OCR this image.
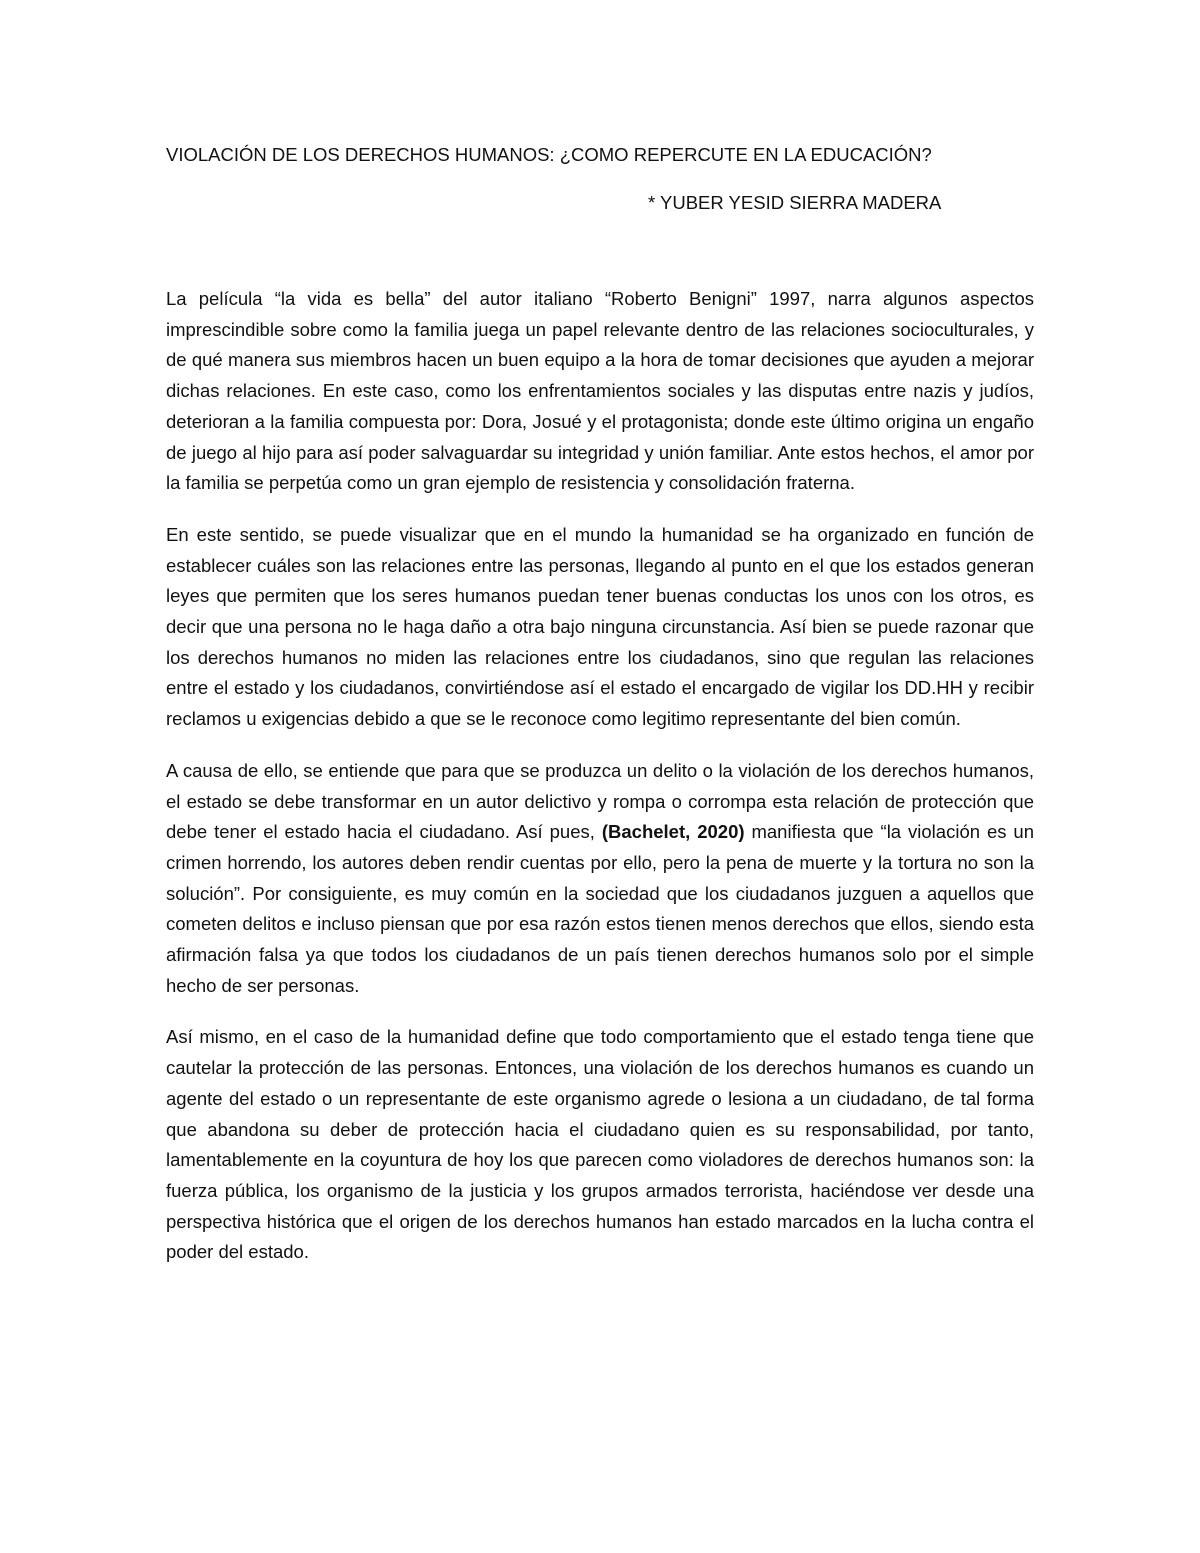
VIOLACIÓN DE LOS DERECHOS HUMANOS: ¿COMO REPERCUTE EN LA EDUCACIÓN?
* YUBER YESID SIERRA MADERA

La película “la vida es bella” del autor italiano “Roberto Benigni” 1997, narra algunos aspectos imprescindible sobre como la familia juega un papel relevante dentro de las relaciones socioculturales, y de qué manera sus miembros hacen un buen equipo a la hora de tomar decisiones que ayuden a mejorar dichas relaciones. En este caso, como los enfrentamientos sociales y las disputas entre nazis y judíos, deterioran a la familia compuesta por: Dora, Josué y el protagonista; donde este último origina un engaño de juego al hijo para así poder salvaguardar su integridad y unión familiar. Ante estos hechos, el amor por la familia se perpetúa como un gran ejemplo de resistencia y consolidación fraterna.

En este sentido, se puede visualizar que en el mundo la humanidad se ha organizado en función de establecer cuáles son las relaciones entre las personas, llegando al punto en el que los estados generan leyes que permiten que los seres humanos puedan tener buenas conductas los unos con los otros, es decir que una persona no le haga daño a otra bajo ninguna circunstancia. Así bien se puede razonar que los derechos humanos no miden las relaciones entre los ciudadanos, sino que regulan las relaciones entre el estado y los ciudadanos, convirtiéndose así el estado el encargado de vigilar los DD.HH y recibir reclamos u exigencias debido a que se le reconoce como legitimo representante del bien común.

A causa de ello, se entiende que para que se produzca un delito o la violación de los derechos humanos, el estado se debe transformar en un autor delictivo y rompa o corrompa esta relación de protección que debe tener el estado hacia el ciudadano. Así pues, (Bachelet, 2020) manifiesta que “la violación es un crimen horrendo, los autores deben rendir cuentas por ello, pero la pena de muerte y la tortura no son la solución”. Por consiguiente, es muy común en la sociedad que los ciudadanos juzguen a aquellos que cometen delitos e incluso piensan que por esa razón estos tienen menos derechos que ellos, siendo esta afirmación falsa ya que todos los ciudadanos de un país tienen derechos humanos solo por el simple hecho de ser personas.

Así mismo, en el caso de la humanidad define que todo comportamiento que el estado tenga tiene que cautelar la protección de las personas. Entonces, una violación de los derechos humanos es cuando un agente del estado o un representante de este organismo agrede o lesiona a un ciudadano, de tal forma que abandona su deber de protección hacia el ciudadano quien es su responsabilidad, por tanto, lamentablemente en la coyuntura de hoy los que parecen como violadores de derechos humanos son: la fuerza pública, los organismo de la justicia y los grupos armados terrorista, haciéndose ver desde una perspectiva histórica que el origen de los derechos humanos han estado marcados en la lucha contra el poder del estado.
